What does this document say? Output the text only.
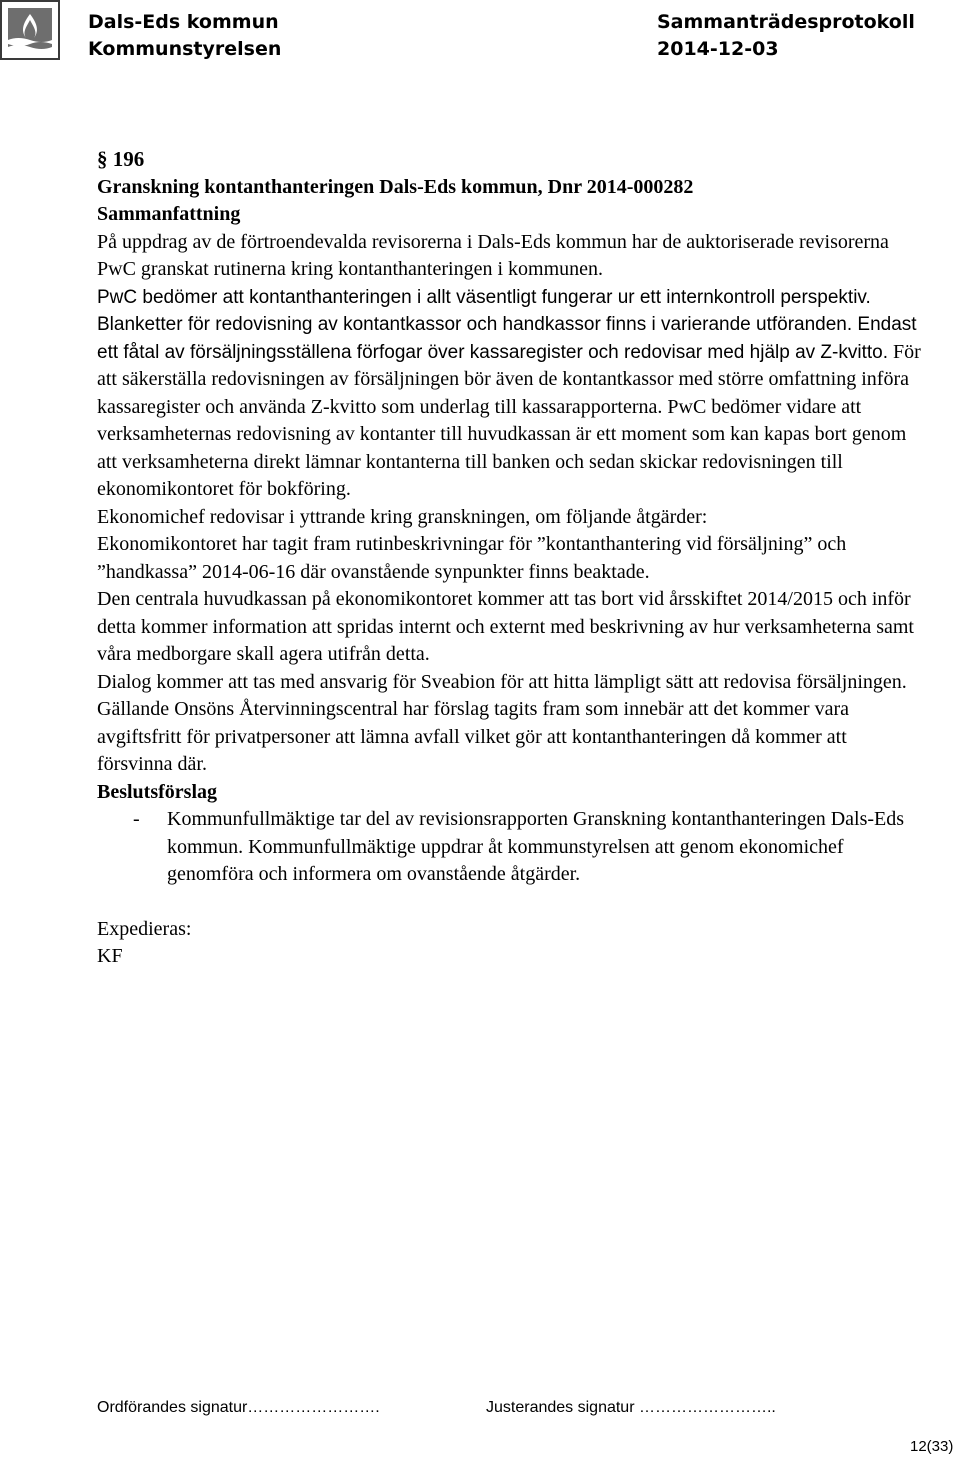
Dals-Eds kommun
Kommunstyrelsen
Sammanträdesprotokoll
2014-12-03

§ 196

Granskning kontanthanteringen Dals-Eds kommun, Dnr 2014-000282

Sammanfattning

På uppdrag av de förtroendevalda revisorerna i Dals-Eds kommun har de auktoriserade revisorerna PwC granskat rutinerna kring kontanthanteringen i kommunen.

PwC bedömer att kontanthanteringen i allt väsentligt fungerar ur ett internkontroll perspektiv. Blanketter för redovisning av kontantkassor och handkassor finns i varierande utföranden. Endast ett fåtal av försäljningsställena förfogar över kassaregister och redovisar med hjälp av Z-kvitto. För att säkerställa redovisningen av försäljningen bör även de kontantkassor med större omfattning införa kassaregister och använda Z-kvitto som underlag till kassarapporterna. PwC bedömer vidare att verksamheternas redovisning av kontanter till huvudkassan är ett moment som kan kapas bort genom att verksamheterna direkt lämnar kontanterna till banken och sedan skickar redovisningen till ekonomikontoret för bokföring.

Ekonomichef redovisar i yttrande kring granskningen, om följande åtgärder:

Ekonomikontoret har tagit fram rutinbeskrivningar för ”kontanthantering vid försäljning” och ”handkassa” 2014-06-16 där ovanstående synpunkter finns beaktade.

Den centrala huvudkassan på ekonomikontoret kommer att tas bort vid årsskiftet 2014/2015 och inför detta kommer information att spridas internt och externt med beskrivning av hur verksamheterna samt våra medborgare skall agera utifrån detta.

Dialog kommer att tas med ansvarig för Sveabion för att hitta lämpligt sätt att redovisa försäljningen.

Gällande Onsöns Återvinningscentral har förslag tagits fram som innebär att det kommer vara avgiftsfritt för privatpersoner att lämna avfall vilket gör att kontanthanteringen då kommer att försvinna där.

Beslutsförslag

-	Kommunfullmäktige tar del av revisionsrapporten Granskning kontanthanteringen Dals-Eds kommun. Kommunfullmäktige uppdrar åt kommunstyrelsen att genom ekonomichef genomföra och informera om ovanstående åtgärder.

Expedieras:

KF

Ordförandes signatur…………………….	Justerandes signatur ……………………..
12(33)
